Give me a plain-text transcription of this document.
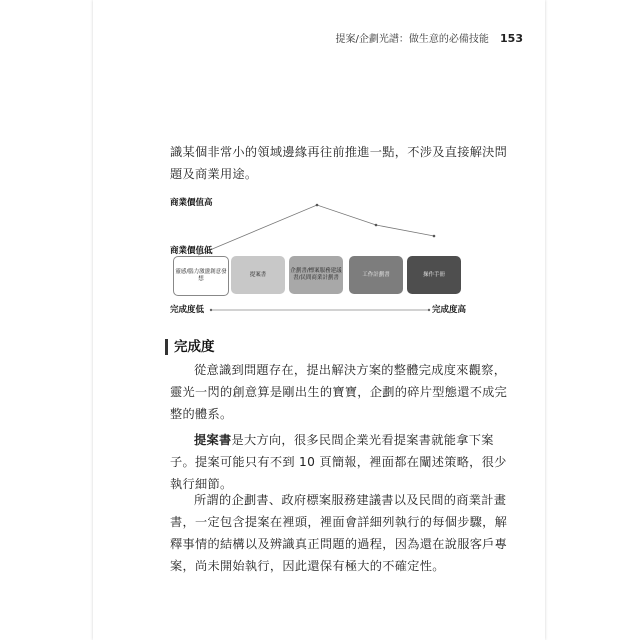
提案/企劃光譜：做生意的必備技能 153
識某個非常小的領域邊緣再往前推進一點，不涉及直接解決問題及商業用途。
商業價值高
商業價值低
靈感/腦力激盪創意發想
提案書
企劃書/標案服務建議書/民間商業計劃書
工作計劃書	操作手冊
完成度低	完成度高
完成度
從意識到問題存在，提出解決方案的整體完成度來觀察，靈光一閃的創意算是剛出生的寶寶，企劃的碎片型態還不成完整的體系。
提案書是大方向，很多民間企業光看提案書就能拿下案子。提案可能只有不到 10 頁簡報，裡面都在闡述策略，很少執行細節。
所謂的企劃書、政府標案服務建議書以及民間的商業計畫書，一定包含提案在裡頭，裡面會詳細列執行的每個步驟，解釋事情的結構以及辨識真正問題的過程，因為還在說服客戶專案，尚未開始執行，因此還保有極大的不確定性。
